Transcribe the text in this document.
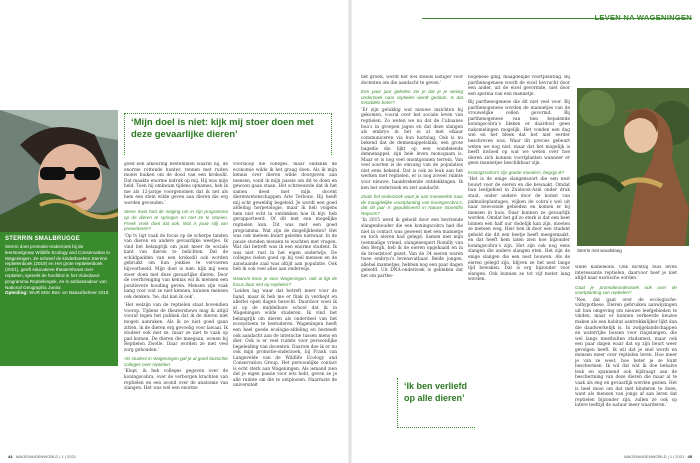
STERRIN SMALBRUGGE
Sterrin doet promotie-onderzoek bij de leerstoelgroep Wildlife Ecology and Conservation in Wageningen. Ze schreef de kinderboeken Sterrins reptielenboek (2019) en Het grote reptielenboek (2021), geeft educatieve theatershows over reptielen, spreekt de hoofdrol in het Videoland-programma Reptielengek, en is ambassadeur van National Geographic Junior.
Opleiding: WUR MSc Bos- en Natuurbeheer 2018

‘Mijn doel is niet: kijk mij stoer doen met deze gevaarlijke dieren’

goed een afkeuring bestemmen waarin hij, de enorme rottende hunter, rennen met ruiten moest buiken om de dood van een krokodil. Dat maakte enorme indruk op mij. Hij was mijn held. Toen hij omkwam tijdens opnames, heb ik me als 12-jarige voorgenomen dat ik net als hem een stem wilde geven aan dieren die erg worden gevonden.’

Steve Irwin had de neiging om in zijn programma op de dieren te springen en met ze te stoeien. Freek Vonk doet dat ook. Wat is jouw stijl van presenteren?

‘Op tv ligt vaak de focus op de scherpe tanden van dieren en andere gevaarlijke weetjes. Ik vind het belangrijk om juist meer de sociale kant van dieren te belichten. Dat de schildpadden van een krokodil ook worden gebruikt om hun jonkies te vervoeren bijvoorbeeld. Mijn doel is niet: kijk mij eens stoer doen met deze gevaarlijke dieren. Door de overbrenging van kennis wil ik mensen een positievere houding geven. Mensen zijn vaak bang voor wat ze niet kennen, kunnen mensen ook denken: ‘hé, dat kan ik ook’.

‘Het welzijn van de reptielen staat bovendien voorop. Tijdens de theatershows mag ik altijd vooraf tegen het publiek dat ik de dieren niet mogen aanraken. Als ik ze niet goed gaan zitten, ik de dieren erg gevoelig voor lawaai. Ik studeer ook met ze, maar ze niet te vaak op pad komen. De dieren die meegaan, wonen bij Reptielen Zwolle. Daar worden ze met veel zorg gehouden.’

Als student in Wageningen gaf je al goed bezochte colleges over reptielen.

‘Klopt, ik heb colleges gegeven over de koningscobra, over de verborgen krachten van reptielen en een avond over de anatomie van slangen. Het was wel een enorme

voorsloop die colleges, maar ondanks de economie wilde ik het graag doen. Als ik mijn kennis over dieren wilde doorgeven aan mensen, vond ik mijn passie om dit te doen en gewoon gaan staan. Het schreeuwde dat ik het samen deed met mijn docent dierenwetenschappen Arie Terlouw. Hij heeft mij echt geweldig begeleid. Je wordt een goed afdeling herpetologie, maar ik heb volgens hem niet echt in ontdekken hoe ik bijv. heb gerapporteerd. Of dit met een mogelijke reptielen kon. Dit was met een goed programma. Wat zijn de mogelijkheden? Het was ook meteen kwart geleden nietwaar. In de pauze stonden mensen te wachten met vragen. Wat dat betreft was ik een enorme student. Ik was niet rust in het eigen onderwijs. De colleges vielen goed op bij veel mensen en de aanstaande zaal was altijd aan populatie. Ook heb ik ook veel alles aan onderwijs.

Waarom koos je voor Wageningen, ook al ligt de focus daar niet op reptielen?

‘Leiden lag waar dat betreft meer voor de hand, maar ik heb me er flink in verdiept en allerlei open dagen bezocht. Daardoor woei ik al op de middelbare school dat ik in Wageningen wilde studeren. Ik vind het belangrijk om dieren als onderdeel van het ecosysteem te bestuderen. Wageningen heeft een heel goede ecologie-afdeling en besteedt ook aandacht aan de interactie tussen mens en dier. Ook is er veel ruimte voor persoonlijke begeleiding van docenten. Daarom doe ik er nu ook mijn promotie-onderzoek, bij Frank van Langevelde van de Wildlife Ecology and Conservation Group. Het persoonlijke contact is echt sterk aan Wageningen. Als iemand zien dat je eigen passie voor iets hebt, geven ze je alle ruimte om die te ontplooien. Naarmate de universiteit

44 WAGENINGENWORLD | 1 | 2021
LEVEN NA WAGENINGEN

het groeit, wordt het wel steeds lastiger voor docenten om die aandacht te geven.’

Een paar jaar geleden zei je dat je je weinig onderzoek naar reptielen wordt gedaan. Is dat inmiddels beter?

‘Er zijn gelukkig wat nieuwe inzichten bij gekomen, vooral over het sociale leven van reptielen. Zo weten we nu dat de Cubaanse boa’s in groepen jagen en dat deze slangen als embryo in het ei al met elkaar communiceren via hun hartslag. Ook is nu bekend dat de dennenappelskink, een grote hagedis die lijkt op een wandelende dennenappel, zijn hele leven monogaam is. Maar er is nog veel onontgonnen terrein. Van veel soorten is de omvang van de populaties niet eens bekend. Dat is ook ze leuk aan het werken met reptielen, er is nog zoveel ruimte voor nieuwe, baanbrekende ontdekkingen. Ik ken het onderzoek en ziet aandacht.

Zeals het onderzoek waar je aan meewerkte naar de maagdelijke voortplanting van koningscobra’s, dat dit jaar is gepubliceerd in Nature Scientific Reports?

‘In 2015 werd ik gebeld door een bevriende slangenhouder die een koningscobra had die niet in contact was geweest met een mannetje en toch eieren had gelegd. Samen met mijn toenmalige vriend, slangenexpert Romilly van den Bergh, heb ik de eieren opgehaald en in de broedstoof gezet. Van de 34 eieren waren twee embryo’s levensvatbaar. Beide jongen, allebei mannetjes, hebben nog een paar dagen geleefd. Uit DNA-onderzoek is gebleken dat het om parthe-

nogenese ging, maagdelijke voortplanting. Bij parthenogenese wordt de eicel bevrucht door een ander, uit de eicel gevormde, niet door een sperma van een mannetje.

Bij parthenogenese die dit niet veel voor. Bij parthenogenese worden de mannetjes van de vrouwelijke cellen gevormd. Bij parthenogenese van tien bepalende koningscobra’s bleken er daardoor geen nakomelingen mogelijk. Het vonden een dag wel en het bleek dat het niet eerder beschreven was. Waar dit precies gebeurt weten we nog niet, maar dat het mogelijk is heeft invloed op wat we weten over hoe dieren zich kunnen voortplanten wanneer er geen mannetjes beschikbaar zijn.

Koningscobra’s zijn goede moeders, begrijp ik?

‘Het is de enige slangensoort die een nest bouwt voor de eieren en die bewaakt. Omdat hun leefgebied in Zuidoost-Azië onder druk staat, onder andere door de komst van palmolieplantages, wijken de cobra’s wel uit naar bewoonde gebieden en komen er bij mensen in huis. Daar kunnen ze gevaarlijk worden. Omdat het gif zo sterk is dat een beet binnen een half uur dodelijk kan zijn, moeten ze meteen weg. Hier ben ik door een student gebeld die dit een beetje heeft meegemaakt, en dat heeft hem laten zien hoe bijzonder koningscobra’s zijn. Het zijn ook nog eens slangen die andere slangen eten. Het zijn de enige slangen die een nest bouwen. Als de eieren gelegd zijn, blijven ze het nest lange tijd bewaken. Dat is erg bijzonder voor slangen. Ook kunnen ze tot vijf meter lang worden.

‘Ik ben verliefd op alle dieren’

Sterrin met woudslang

wilde kameleons. Ook dichtbij huis leven interessante reptielen, daarvoor hoef je niet altijd naar exotische oorden.’

Gaat je promotieonderzoek ook over de voortplanting van reptielen?

‘Nee, dat gaat over de ecologische-valhypothese. Dieren gebruiken aanwijzingen uit hun omgeving om nieuwe leefgebieden te vinden, maar er kunnen verkeerde keuzes maken als een habitat aantrekkelijker lijkt dan die daadwerkelijk is. In zwijgelandschappen en waterrijke bossen voor ringslangen, die wel langs mestbulten stadsmest, maar ook een paar dagen waar dat op zijn beurt weer gevolgen heeft. Ik wil dat je snel wordt en mensen meer over reptielen leren. Hoe meer je van ze weet, hoe beter je ze kunt beschermen. Ik wil dat wat ik doe behalve leuk en spannend ook bijdraagt aan de bescherming van deze dieren die maar al te vaak als eng en gevaarlijk worden gezien. Het is heel mooi om dat met kinderen te doen, want als mensen van jongs af aan leren dat reptielen bijzonder zijn, zullen ze ook op latere leeftijd de natuur meer waarderen.’

WAGENINGENWORLD | 1 | 2021 45
